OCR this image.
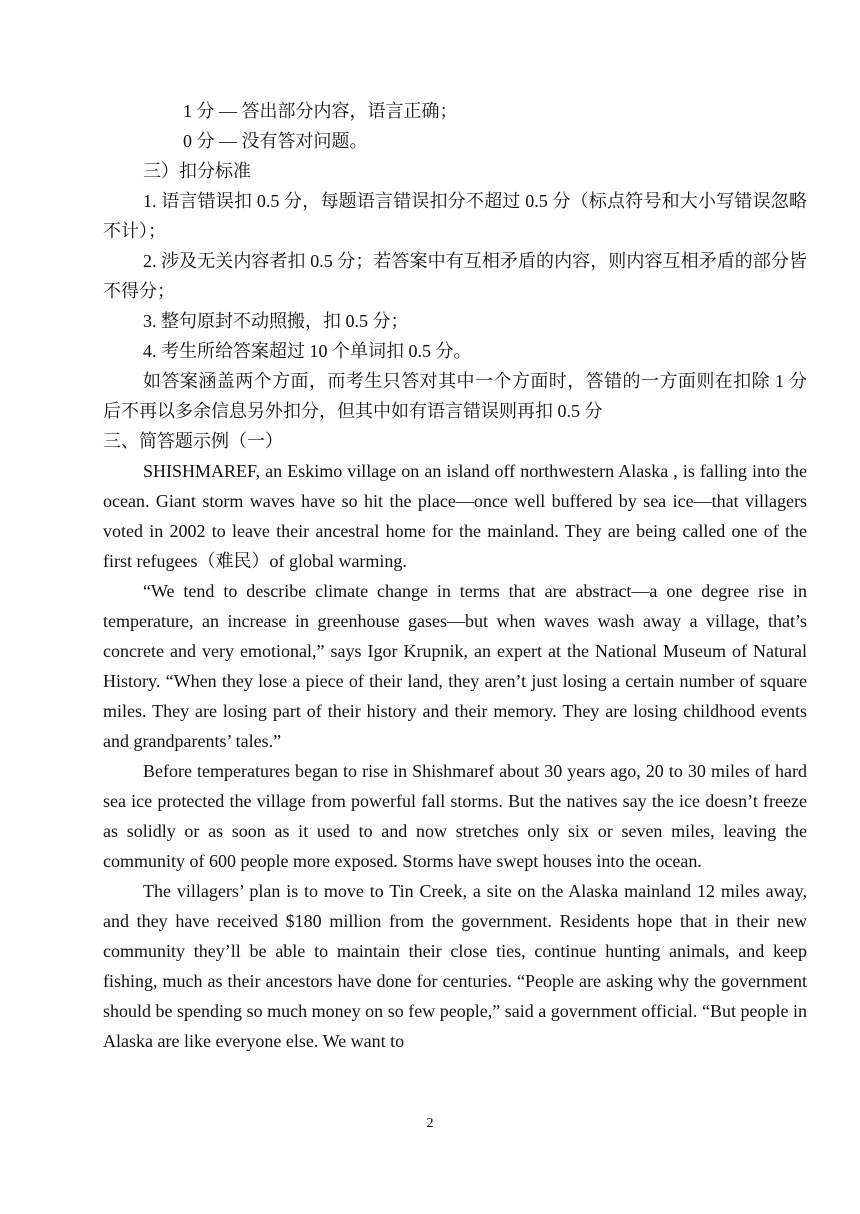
1 分 — 答出部分内容，语言正确；
0 分 — 没有答对问题。
三）扣分标准

1. 语言错误扣 0.5 分，每题语言错误扣分不超过 0.5 分（标点符号和大小写错误忽略不计）；

2. 涉及无关内容者扣 0.5 分；若答案中有互相矛盾的内容，则内容互相矛盾的部分皆不得分；

3. 整句原封不动照搬，扣 0.5 分；

4. 考生所给答案超过 10 个单词扣 0.5 分。

如答案涵盖两个方面，而考生只答对其中一个方面时，答错的一方面则在扣除 1 分后不再以多余信息另外扣分，但其中如有语言错误则再扣 0.5 分

三、简答题示例（一）

SHISHMAREF, an Eskimo village on an island off northwestern Alaska , is falling into the ocean. Giant storm waves have so hit the place—once well buffered by sea ice—that villagers voted in 2002 to leave their ancestral home for the mainland. They are being called one of the first refugees（难民）of global warming.

“We tend to describe climate change in terms that are abstract—a one degree rise in temperature, an increase in greenhouse gases—but when waves wash away a village, that’s concrete and very emotional,” says Igor Krupnik, an expert at the National Museum of Natural History. “When they lose a piece of their land, they aren’t just losing a certain number of square miles. They are losing part of their history and their memory. They are losing childhood events and grandparents’ tales.”

Before temperatures began to rise in Shishmaref about 30 years ago, 20 to 30 miles of hard sea ice protected the village from powerful fall storms. But the natives say the ice doesn’t freeze as solidly or as soon as it used to and now stretches only six or seven miles, leaving the community of 600 people more exposed. Storms have swept houses into the ocean.

The villagers’ plan is to move to Tin Creek, a site on the Alaska mainland 12 miles away, and they have received $180 million from the government. Residents hope that in their new community they’ll be able to maintain their close ties, continue hunting animals, and keep fishing, much as their ancestors have done for centuries. “People are asking why the government should be spending so much money on so few people,” said a government official. “But people in Alaska are like everyone else. We want to

2
